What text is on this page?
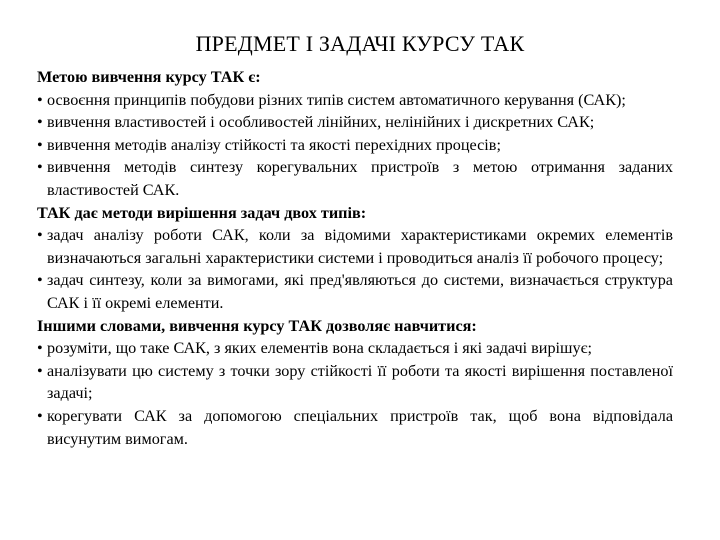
ПРЕДМЕТ І ЗАДАЧІ КУРСУ ТАК

Метою вивчення курсу ТАК є:

• освоєння принципів побудови різних типів систем автоматичного керування (САК);

• вивчення властивостей і особливостей лінійних, нелінійних і дискретних САК;

• вивчення методів аналізу стійкості та якості перехідних процесів;

• вивчення методів синтезу корегувальних пристроїв з метою отримання заданих властивостей САК.

ТАК дає методи вирішення задач двох типів:

• задач аналізу роботи САК, коли за відомими характеристиками окремих елементів визначаються загальні характеристики системи і проводиться аналіз її робочого процесу;

• задач синтезу, коли за вимогами, які пред'являються до системи, визначається структура САК і її окремі елементи.

Іншими словами, вивчення курсу ТАК дозволяє навчитися:

• розуміти, що таке САК, з яких елементів вона складається і які задачі вирішує;

• аналізувати цю систему з точки зору стійкості її роботи та якості вирішення поставленої задачі;

• корегувати САК за допомогою спеціальних пристроїв так, щоб вона відповідала висунутим вимогам.
